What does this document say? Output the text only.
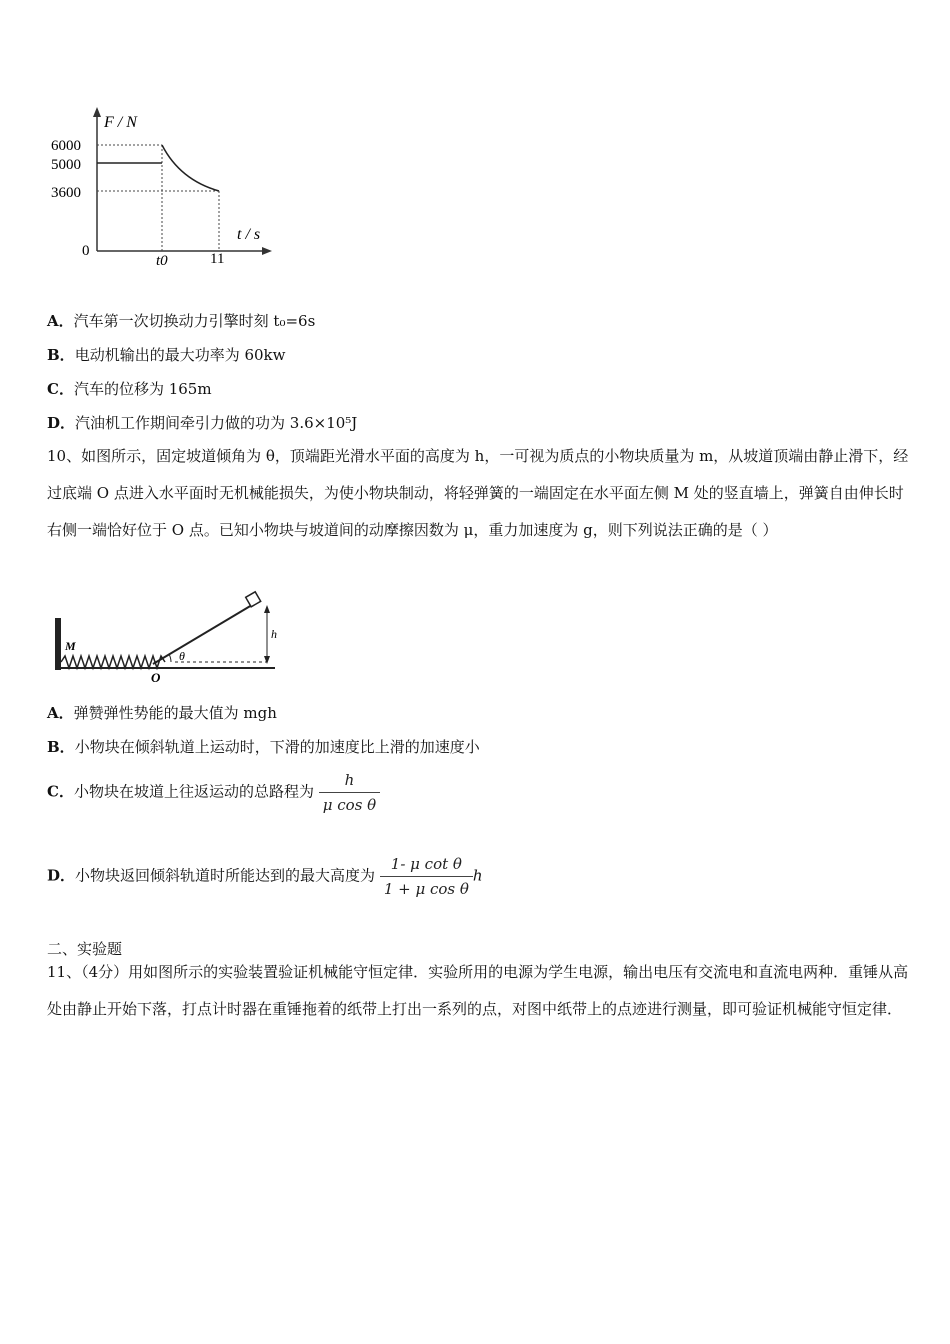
F / N
6000
5000
3600
0
t / s
t0	11
A．汽车第一次切换动力引擎时刻 t₀=6s
B．电动机输出的最大功率为 60kw
C．汽车的位移为 165m
D．汽油机工作期间牵引力做的功为 3.6×10⁵J
10、如图所示，固定坡道倾角为 θ，顶端距光滑水平面的高度为 h，一可视为质点的小物块质量为 m，从坡道顶端由静止滑下，经过底端 O 点进入水平面时无机械能损失，为使小物块制动，将轻弹簧的一端固定在水平面左侧 M 处的竖直墙上，弹簧自由伸长时右侧一端恰好位于 O 点。已知小物块与坡道间的动摩擦因数为 μ，重力加速度为 g，则下列说法正确的是（ ）
M
O
θ
h
A．弹赞弹性势能的最大值为 mgh
B．小物块在倾斜轨道上运动时，下滑的加速度比上滑的加速度小
C．小物块在坡道上往返运动的总路程为 $\frac{h}{\text{μ cos θ}}$
D．小物块返回倾斜轨道时所能达到的最大高度为 $\frac{\text{1- μ cot θ}}{\text{1 + μ cos θ}}$ h
二、实验题
11、（4分）用如图所示的实验装置验证机械能守恒定律．实验所用的电源为学生电源，输出电压有交流电和直流电两种．重锤从高处由静止开始下落，打点计时器在重锤拖着的纸带上打出一系列的点，对图中纸带上的点迹进行测量，即可验证机械能守恒定律．
